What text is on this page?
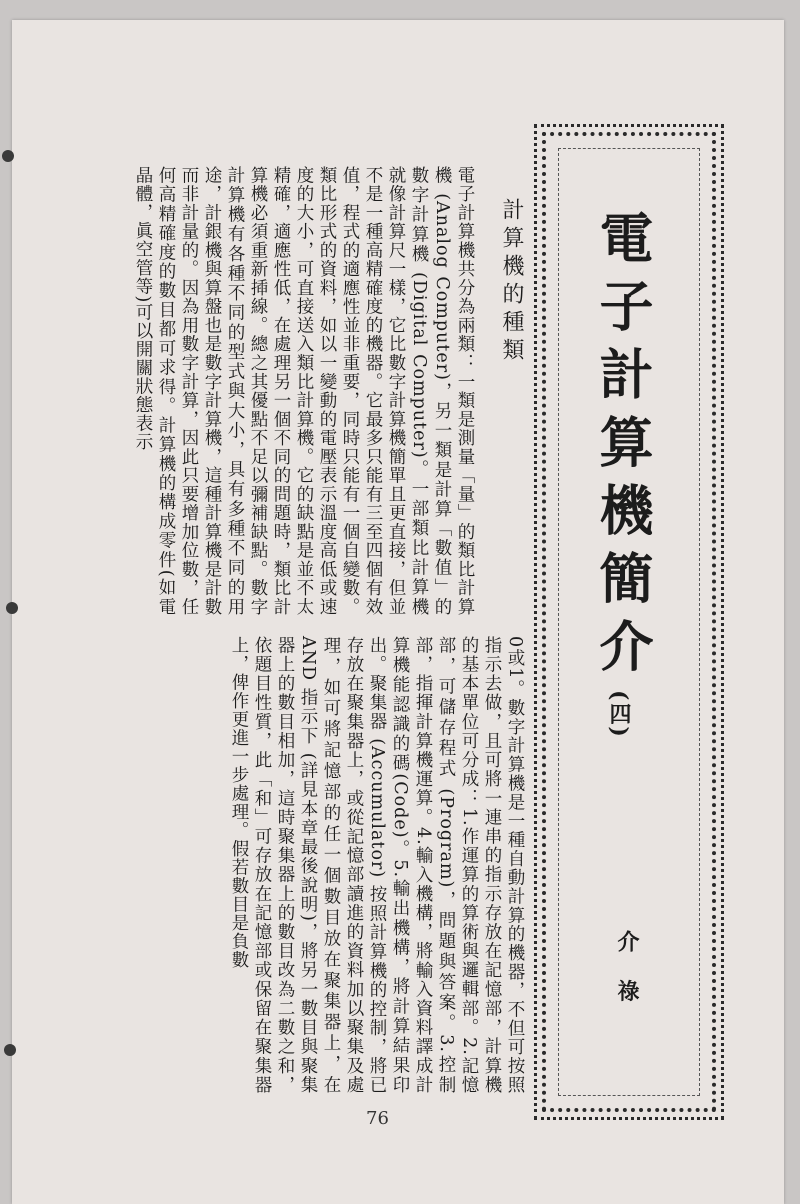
電子計算機簡介
(四)
介 祿
計算機的種類
電子計算機共分為兩類：一類是測量「量」的類比計算機 (Analog Computer)，另一類是計算「數值」的數字計算機 (Digital Computer)。一部類比計算機就像計算尺一樣，它比數字計算機簡單且更直接，但並不是一種高精確度的機器。它最多只能有三至四個有效值，程式的適應性並非重要，同時只能有一個自變數。類比形式的資料，如以一變動的電壓表示溫度高低或速度的大小，可直接送入類比計算機。它的缺點是並不太精確，適應性低，在處理另一個不同的問題時，類比計算機必須重新揷線。總之其優點不足以彌補缺點。數字計算機有各種不同的型式與大小，具有多種不同的用途，計銀機與算盤也是數字計算機，這種計算機是計數而非計量的。因為用數字計算，因此只要增加位數，任何高精確度的數目都可求得。計算機的構成零件(如電晶體，眞空管等)可以開關狀態表示
0或1。數字計算機是一種自動計算的機器，不但可按照指示去做，且可將一連串的指示存放在記憶部，計算機的基本單位可分成：1.作運算的算術與邏輯部。2.記憶部，可儲存程式 (Program)，問題與答案。3.控制部，指揮計算機運算。4.輸入機構，將輸入資料譯成計算機能認識的碼(Code)。5.輸出機構，將計算結果印出。聚集器 (Accumulator) 按照計算機的控制，將已存放在聚集器上，或從記憶部讀進的資料加以聚集及處理，如可將記憶部的任一個數目放在聚集器上，在 AND 指示下 (詳見本章最後說明)，將另一數目與聚集器上的數目相加，這時聚集器上的數目改為二數之和，依題目性質，此「和」可存放在記憶部或保留在聚集器上，俾作更進一步處理。假若數目是負數
76
